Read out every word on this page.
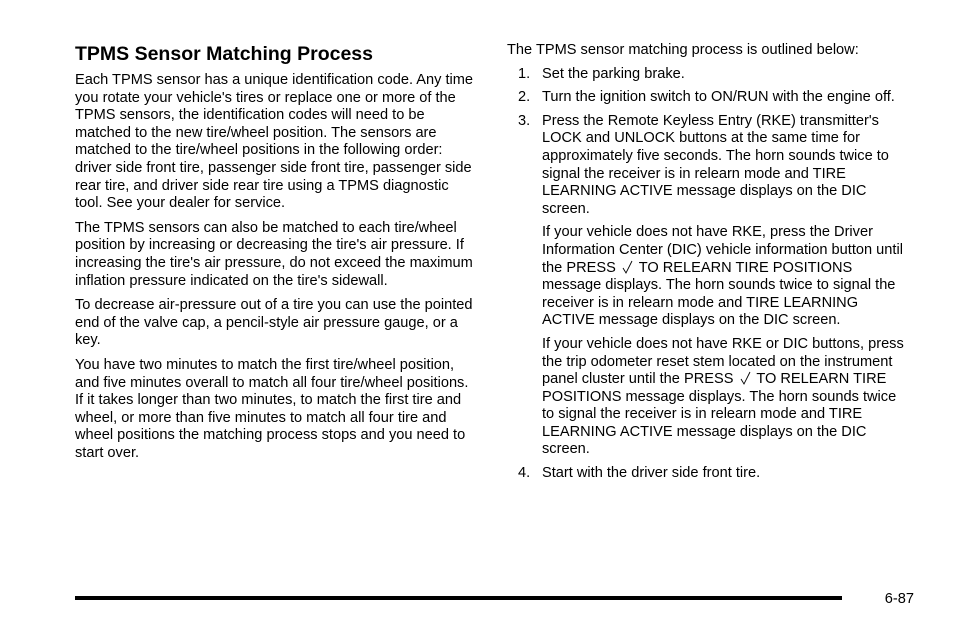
TPMS Sensor Matching Process

Each TPMS sensor has a unique identification code. Any time you rotate your vehicle's tires or replace one or more of the TPMS sensors, the identification codes will need to be matched to the new tire/wheel position. The sensors are matched to the tire/wheel positions in the following order: driver side front tire, passenger side front tire, passenger side rear tire, and driver side rear tire using a TPMS diagnostic tool. See your dealer for service.

The TPMS sensors can also be matched to each tire/wheel position by increasing or decreasing the tire's air pressure. If increasing the tire's air pressure, do not exceed the maximum inflation pressure indicated on the tire's sidewall.

To decrease air-pressure out of a tire you can use the pointed end of the valve cap, a pencil-style air pressure gauge, or a key.

You have two minutes to match the first tire/wheel position, and five minutes overall to match all four tire/wheel positions. If it takes longer than two minutes, to match the first tire and wheel, or more than five minutes to match all four tire and wheel positions the matching process stops and you need to start over.

The TPMS sensor matching process is outlined below:
1. Set the parking brake.

2. Turn the ignition switch to ON/RUN with the engine off.

3. Press the Remote Keyless Entry (RKE) transmitter's LOCK and UNLOCK buttons at the same time for approximately five seconds. The horn sounds twice to signal the receiver is in relearn mode and TIRE LEARNING ACTIVE message displays on the DIC screen.

If your vehicle does not have RKE, press the Driver Information Center (DIC) vehicle information button until the PRESS TO RELEARN TIRE POSITIONS message displays. The horn sounds twice to signal the receiver is in relearn mode and TIRE LEARNING ACTIVE message displays on the DIC screen.

If your vehicle does not have RKE or DIC buttons, press the trip odometer reset stem located on the instrument panel cluster until the PRESS TO RELEARN TIRE POSITIONS message displays. The horn sounds twice to signal the receiver is in relearn mode and TIRE LEARNING ACTIVE message displays on the DIC screen.

4. Start with the driver side front tire.

6-87
